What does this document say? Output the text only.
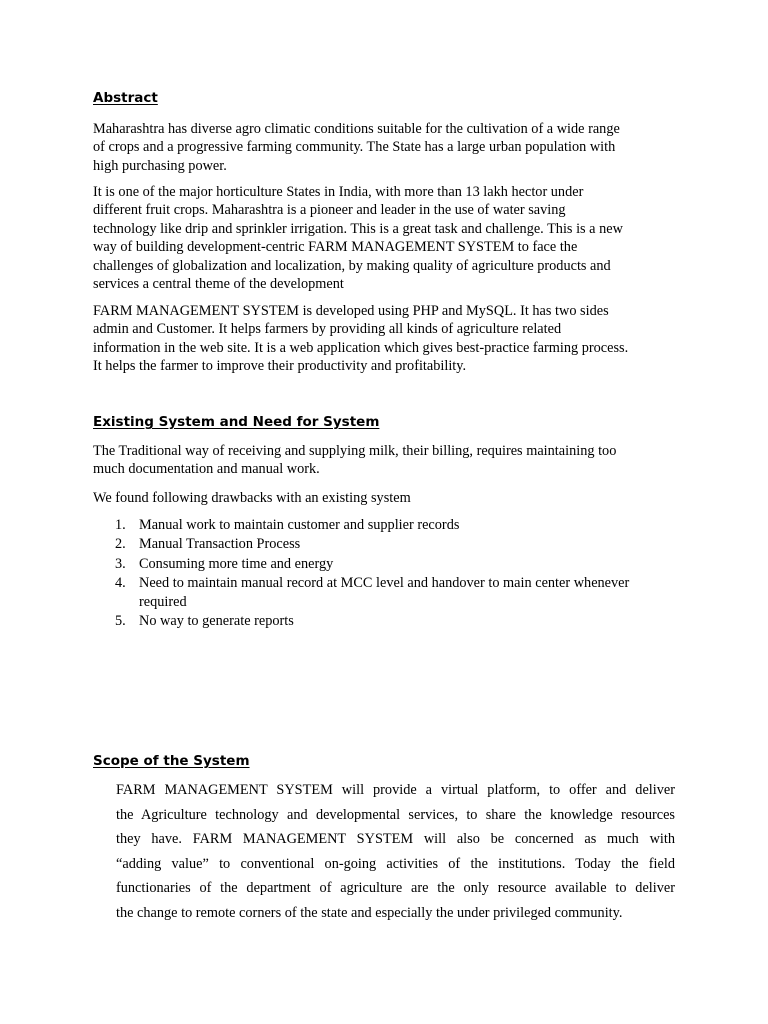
Abstract

Maharashtra has diverse agro climatic conditions suitable for the cultivation of a wide range
of crops and a progressive farming community. The State has a large urban population with
high purchasing power.

It is one of the major horticulture States in India, with more than 13 lakh hector under
different fruit crops. Maharashtra is a pioneer and leader in the use of water saving
technology like drip and sprinkler irrigation. This is a great task and challenge. This is a new
way of building development-centric FARM MANAGEMENT SYSTEM to face the
challenges of globalization and localization, by making quality of agriculture products and
services a central theme of the development

FARM MANAGEMENT SYSTEM is developed using PHP and MySQL. It has two sides
admin and Customer. It helps farmers by providing all kinds of agriculture related
information in the web site. It is a web application which gives best-practice farming process.
It helps the farmer to improve their productivity and profitability.

Existing System and Need for System

The Traditional way of receiving and supplying milk, their billing, requires maintaining too
much documentation and manual work.

We found following drawbacks with an existing system

1. Manual work to maintain customer and supplier records
2. Manual Transaction Process
3. Consuming more time and energy
4. Need to maintain manual record at MCC level and handover to main center whenever
required
5. No way to generate reports
Scope of the System

FARM MANAGEMENT SYSTEM will provide a virtual platform, to offer and deliver
the Agriculture technology and developmental services, to share the knowledge resources
they have. FARM MANAGEMENT SYSTEM will also be concerned as much with
“adding value” to conventional on-going activities of the institutions. Today the field
functionaries of the department of agriculture are the only resource available to deliver
the change to remote corners of the state and especially the under privileged community.
